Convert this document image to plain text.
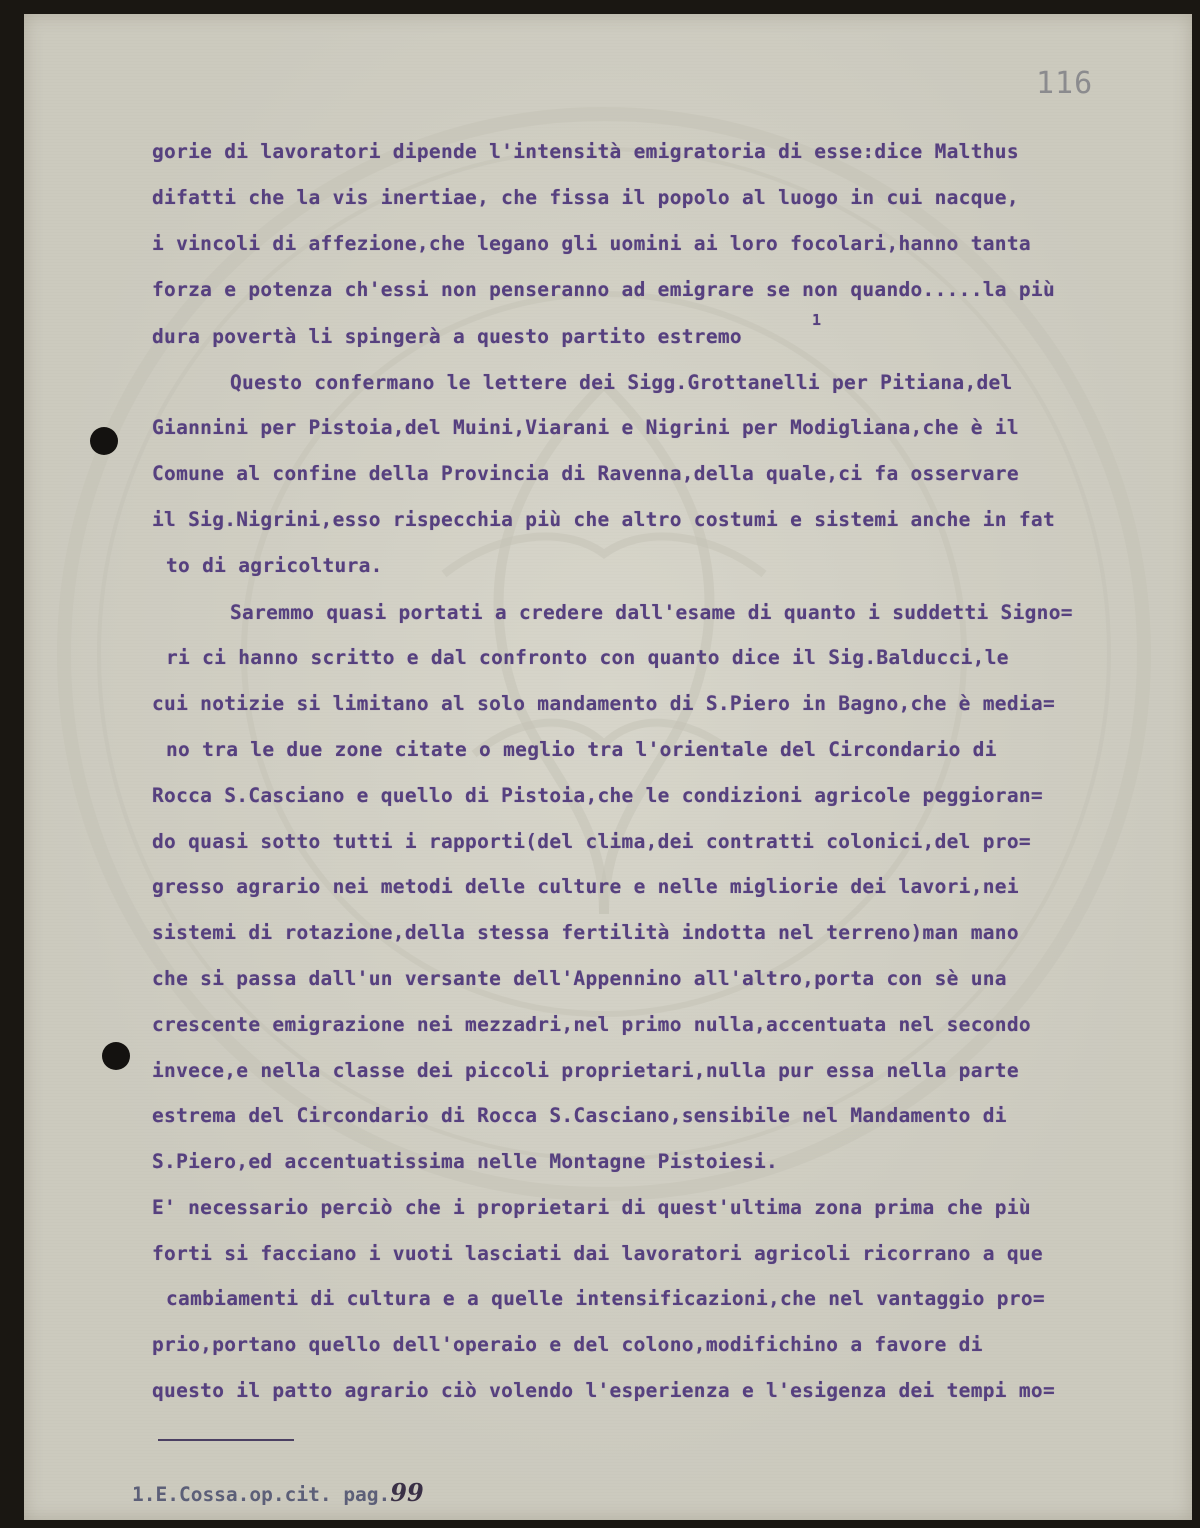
116
gorie di lavoratori dipende l'intensità emigratoria di esse:dice Malthus
difatti che la vis inertiae, che fissa il popolo al luogo in cui nacque,
i vincoli di affezione,che legano gli uomini ai loro focolari,hanno tanta
forza e potenza ch'essi non penseranno ad emigrare se non quando.....la più
dura povertà li spingerà a questo partito estremo
1
Questo confermano le lettere dei Sigg.Grottanelli per Pitiana,del
Giannini per Pistoia,del Muini,Viarani e Nigrini per Modigliana,che è il
Comune al confine della Provincia di Ravenna,della quale,ci fa osservare
il Sig.Nigrini,esso rispecchia più che altro costumi e sistemi anche in fat
to di agricoltura.
Saremmo quasi portati a credere dall'esame di quanto i suddetti Signo=
ri ci hanno scritto e dal confronto con quanto dice il Sig.Balducci,le
cui notizie si limitano al solo mandamento di S.Piero in Bagno,che è media=
no tra le due zone citate o meglio tra l'orientale del Circondario di
Rocca S.Casciano e quello di Pistoia,che le condizioni agricole peggioran=
do quasi sotto tutti i rapporti(del clima,dei contratti colonici,del pro=
gresso agrario nei metodi delle culture e nelle migliorie dei lavori,nei
sistemi di rotazione,della stessa fertilità indotta nel terreno)man mano
che si passa dall'un versante dell'Appennino all'altro,porta con sè una
crescente emigrazione nei mezzadri,nel primo nulla,accentuata nel secondo
invece,e nella classe dei piccoli proprietari,nulla pur essa nella parte
estrema del Circondario di Rocca S.Casciano,sensibile nel Mandamento di
S.Piero,ed accentuatissima nelle Montagne Pistoiesi.
E' necessario perciò che i proprietari di quest'ultima zona prima che più
forti si facciano i vuoti lasciati dai lavoratori agricoli ricorrano a que
cambiamenti di cultura e a quelle intensificazioni,che nel vantaggio pro=
prio,portano quello dell'operaio e del colono,modifichino a favore di
questo il patto agrario ciò volendo l'esperienza e l'esigenza dei tempi mo=
1.E.Cossa.op.cit. pag.99
